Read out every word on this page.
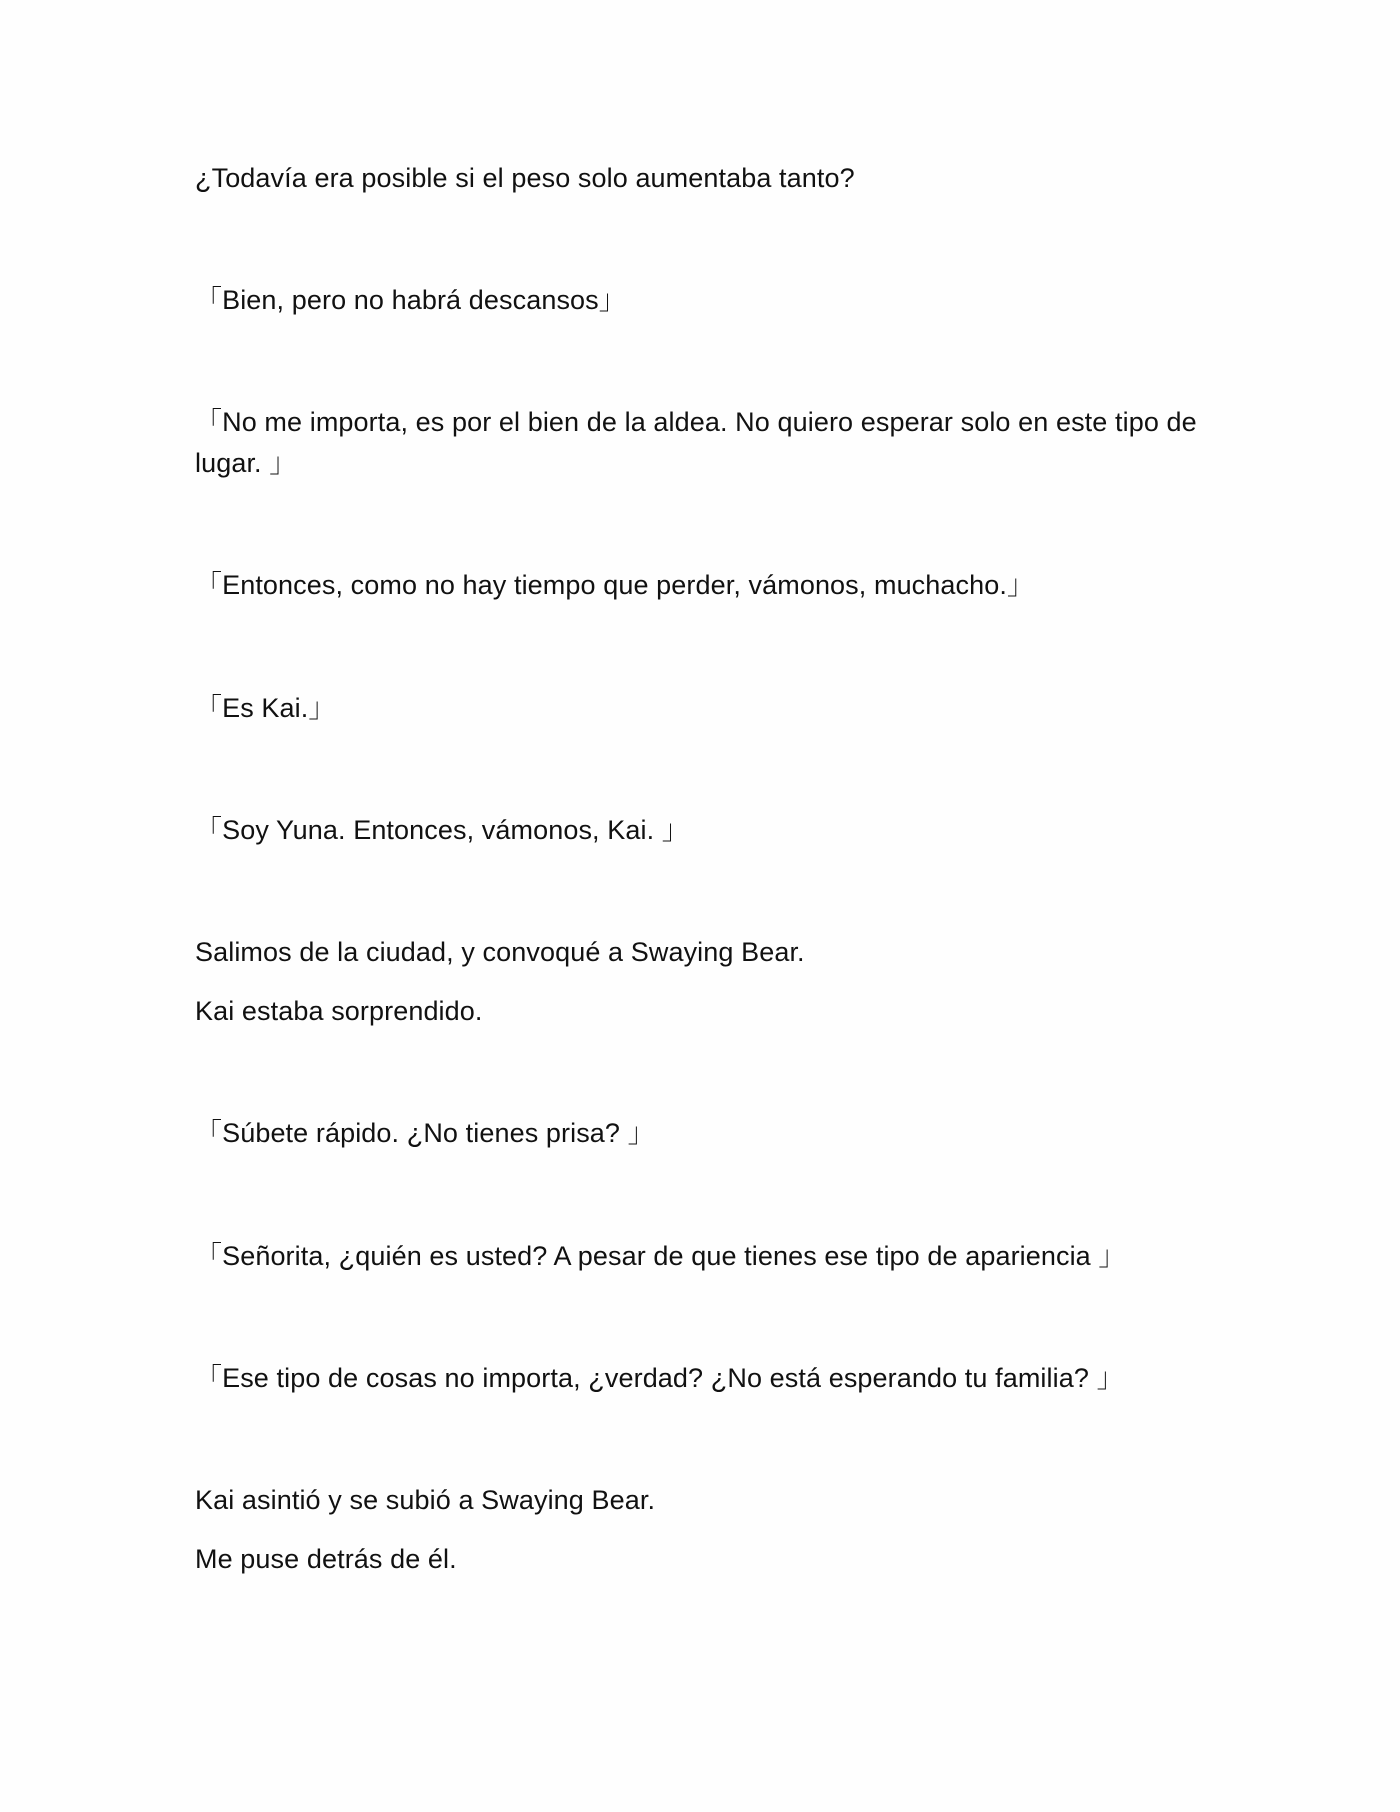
¿Todavía era posible si el peso solo aumentaba tanto?
「Bien, pero no habrá descansos」
「No me importa, es por el bien de la aldea. No quiero esperar solo en este tipo de
lugar. 」
「Entonces, como no hay tiempo que perder, vámonos, muchacho.」
「Es Kai.」
「Soy Yuna. Entonces, vámonos, Kai. 」
Salimos de la ciudad, y convoqué a Swaying Bear.
Kai estaba sorprendido.
「Súbete rápido. ¿No tienes prisa? 」
「Señorita, ¿quién es usted? A pesar de que tienes ese tipo de apariencia 」
「Ese tipo de cosas no importa, ¿verdad? ¿No está esperando tu familia? 」
Kai asintió y se subió a Swaying Bear.
Me puse detrás de él.
